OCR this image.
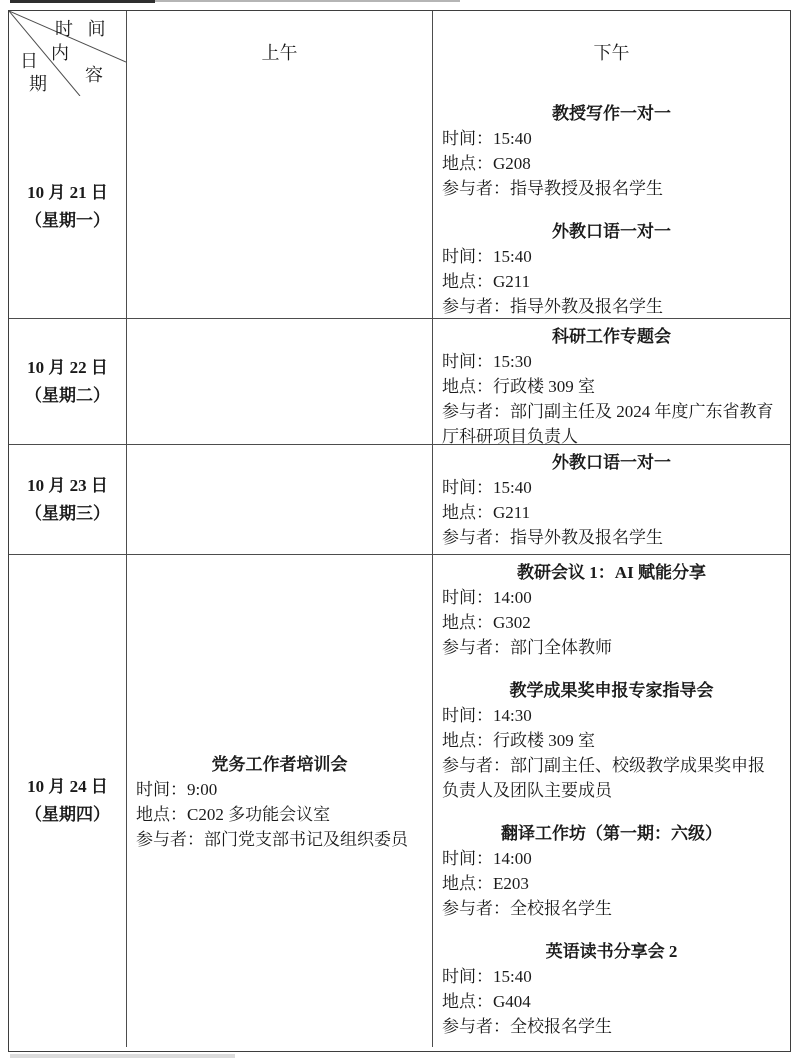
时 间
内
容
日
期
上午	下午
10 月 21 日
（星期一）
教授写作一对一
时间：15:40
地点：G208
参与者：指导教授及报名学生
外教口语一对一
时间：15:40
地点：G211
参与者：指导外教及报名学生
10 月 22 日
（星期二）
科研工作专题会
时间：15:30
地点：行政楼 309 室
参与者：部门副主任及 2024 年度广东省教育厅科研项目负责人
10 月 23 日
（星期三）
外教口语一对一
时间：15:40
地点：G211
参与者：指导外教及报名学生
10 月 24 日
（星期四）
党务工作者培训会
时间：9:00
地点：C202 多功能会议室
参与者：部门党支部书记及组织委员
教研会议 1：AI 赋能分享
时间：14:00
地点：G302
参与者：部门全体教师
教学成果奖申报专家指导会
时间：14:30
地点：行政楼 309 室
参与者：部门副主任、校级教学成果奖申报负责人及团队主要成员
翻译工作坊（第一期：六级）
时间：14:00
地点：E203
参与者：全校报名学生
英语读书分享会 2
时间：15:40
地点：G404
参与者：全校报名学生
